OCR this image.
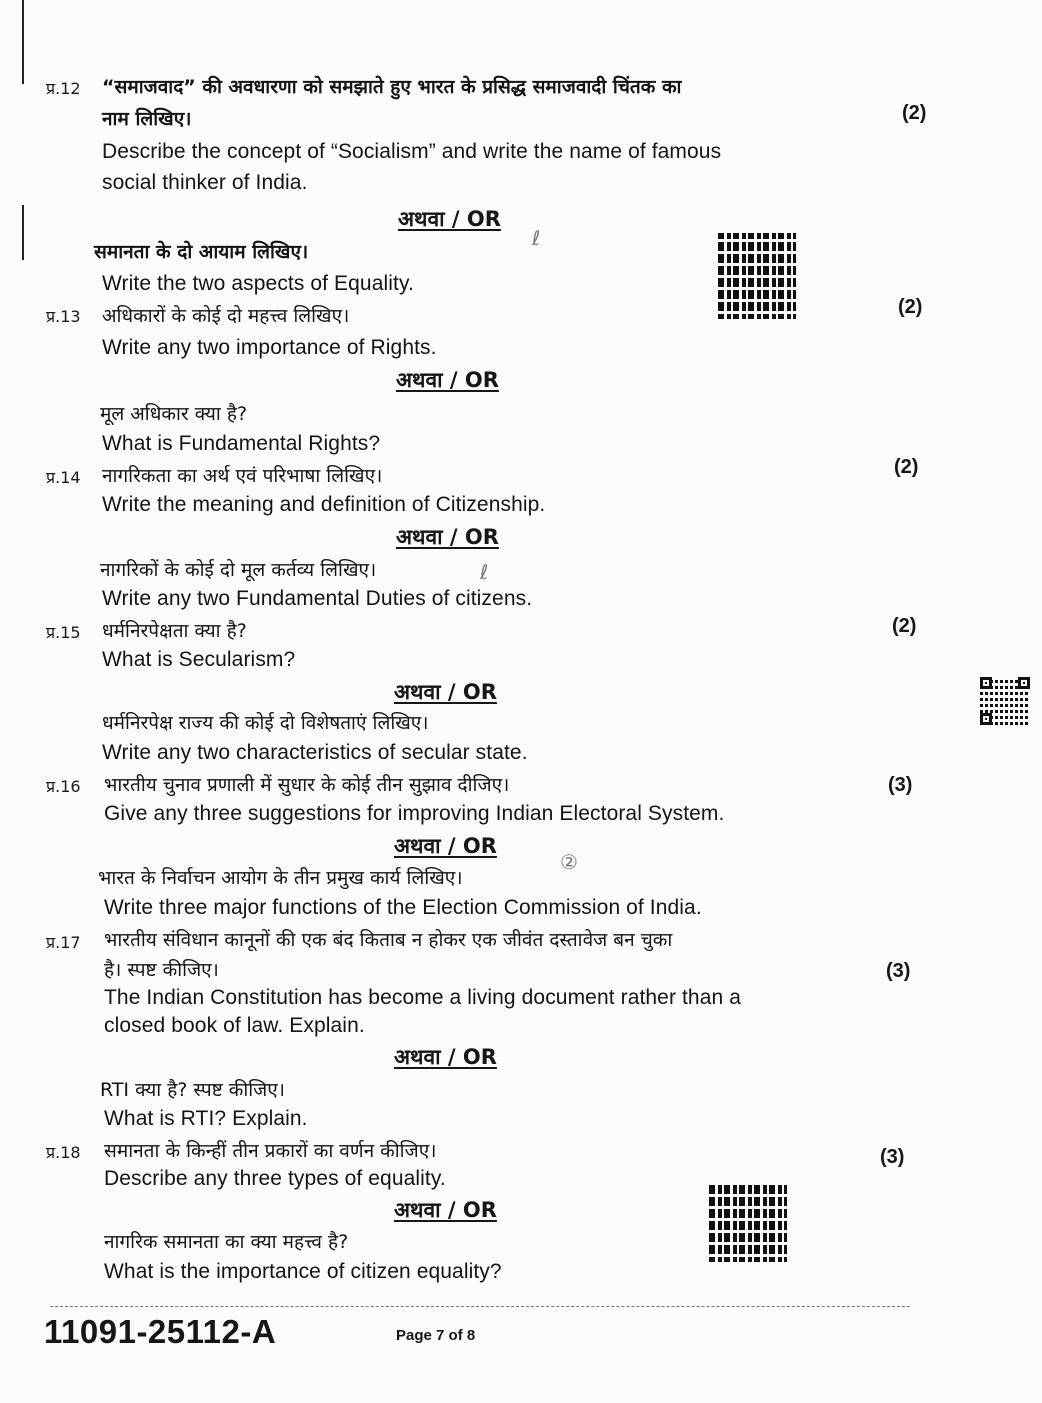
प्र.12 “समाजवाद” की अवधारणा को समझाते हुए भारत के प्रसिद्ध समाजवादी चिंतक का
नाम लिखिए।	(2)
Describe the concept of “Socialism” and write the name of famous
social thinker of India.
अथवा / OR
समानता के दो आयाम लिखिए।
Write the two aspects of Equality.
प्र.13 अधिकारों के कोई दो महत्त्व लिखिए।	(2)
Write any two importance of Rights.
अथवा / OR
मूल अधिकार क्या है?
What is Fundamental Rights?
प्र.14 नागरिकता का अर्थ एवं परिभाषा लिखिए।	(2)
Write the meaning and definition of Citizenship.
अथवा / OR
नागरिकों के कोई दो मूल कर्तव्य लिखिए।
Write any two Fundamental Duties of citizens.
प्र.15 धर्मनिरपेक्षता क्या है?	(2)
What is Secularism?
अथवा / OR
धर्मनिरपेक्ष राज्य की कोई दो विशेषताएं लिखिए।
Write any two characteristics of secular state.
प्र.16 भारतीय चुनाव प्रणाली में सुधार के कोई तीन सुझाव दीजिए।	(3)
Give any three suggestions for improving Indian Electoral System.
अथवा / OR
भारत के निर्वाचन आयोग के तीन प्रमुख कार्य लिखिए।
Write three major functions of the Election Commission of India.
प्र.17 भारतीय संविधान कानूनों की एक बंद किताब न होकर एक जीवंत दस्तावेज बन चुका
है। स्पष्ट कीजिए।	(3)
The Indian Constitution has become a living document rather than a
closed book of law. Explain.
अथवा / OR
RTI क्या है? स्पष्ट कीजिए।
What is RTI? Explain.
प्र.18 समानता के किन्हीं तीन प्रकारों का वर्णन कीजिए।	(3)
Describe any three types of equality.
अथवा / OR
नागरिक समानता का क्या महत्त्व है?
What is the importance of citizen equality?
ℓ
ℓ
②
11091-25112-A	Page 7 of 8
